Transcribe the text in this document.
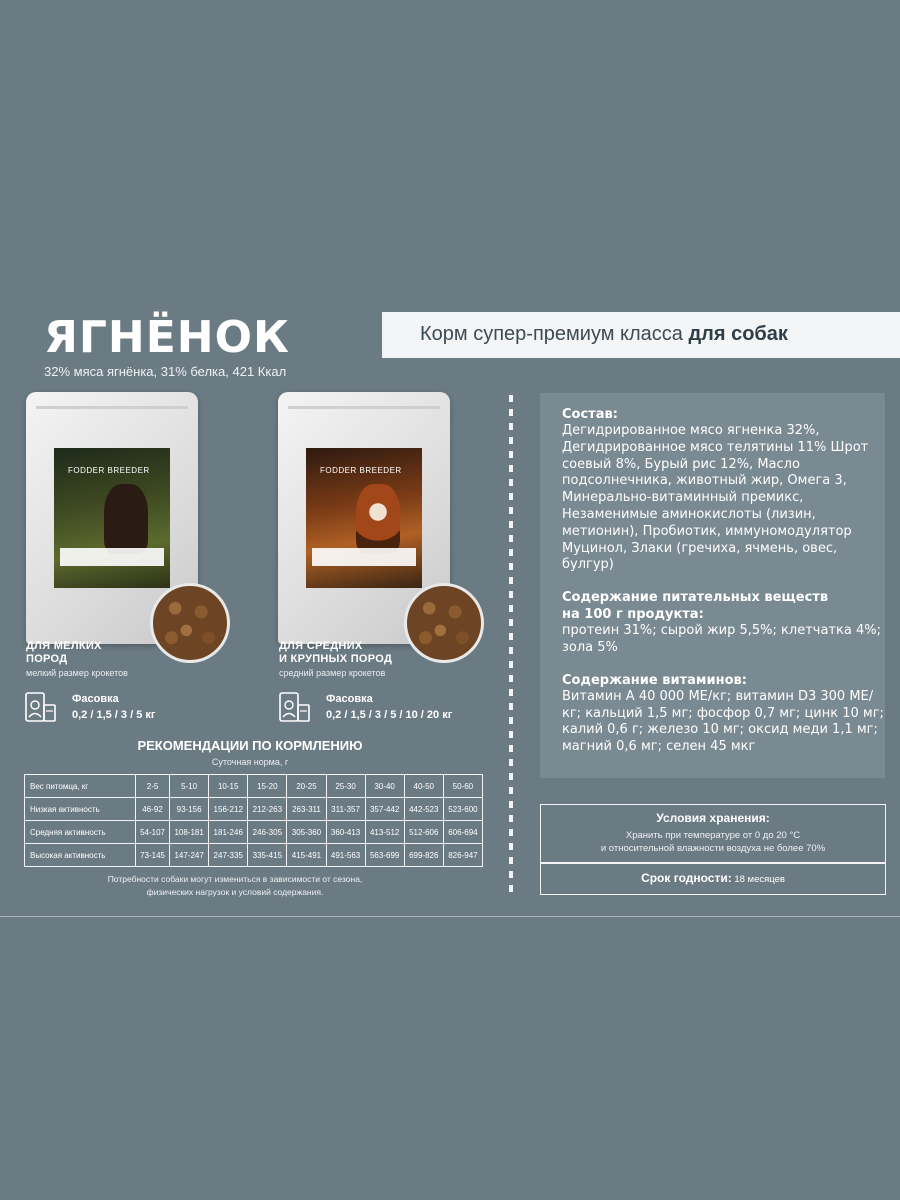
ЯГНЁНОК
32% мяса ягнёнка, 31% белка, 421 Ккал
Корм супер-премиум класса для собак
FODDER BREEDER
ДЛЯ МЕЛКИХ
ПОРОД
мелкий размер крокетов
Фасовка
0,2 / 1,5 / 3 / 5 кг
FODDER BREEDER
ДЛЯ СРЕДНИХ
И КРУПНЫХ ПОРОД
средний размер крокетов
Фасовка
0,2 / 1,5 / 3 / 5 / 10 / 20 кг
РЕКОМЕНДАЦИИ ПО КОРМЛЕНИЮ
Суточная норма, г
Вес питомца, кг	2-5	5-10	10-15	15-20	20-25	25-30	30-40	40-50	50-60
Низкая активность	46-92	93-156	156-212	212-263	263-311	311-357	357-442	442-523	523-600
Средняя активность	54-107	108-181	181-246	246-305	305-360	360-413	413-512	512-606	606-694
Высокая активность	73-145	147-247	247-335	335-415	415-491	491-563	563-699	699-826	826-947
Потребности собаки могут измениться в зависимости от сезона,
физических нагрузок и условий содержания.
Состав:

Дегидрированное мясо ягненка 32%, Дегидрированное мясо телятины 11% Шрот соевый 8%, Бурый рис 12%, Масло подсолнечника, животный жир, Омега 3, Минерально-витаминный премикс, Незаменимые аминокислоты (лизин, метионин), Пробиотик, иммуномодулятор Муцинол, Злаки (гречиха, ячмень, овес, булгур)

Содержание питательных веществ
на 100 г продукта:

протеин 31%; сырой жир 5,5%; клетчатка 4%; зола 5%

Содержание витаминов:

Витамин А 40 000 МЕ/кг; витамин D3 300 МЕ/кг; кальций 1,5 мг; фосфор 0,7 мг; цинк 10 мг; калий 0,6 г; железо 10 мг; оксид меди 1,1 мг; магний 0,6 мг; селен 45 мкг

Условия хранения:
Хранить при температуре от 0 до 20 °С
и относительной влажности воздуха не более 70%
Срок годности: 18 месяцев
